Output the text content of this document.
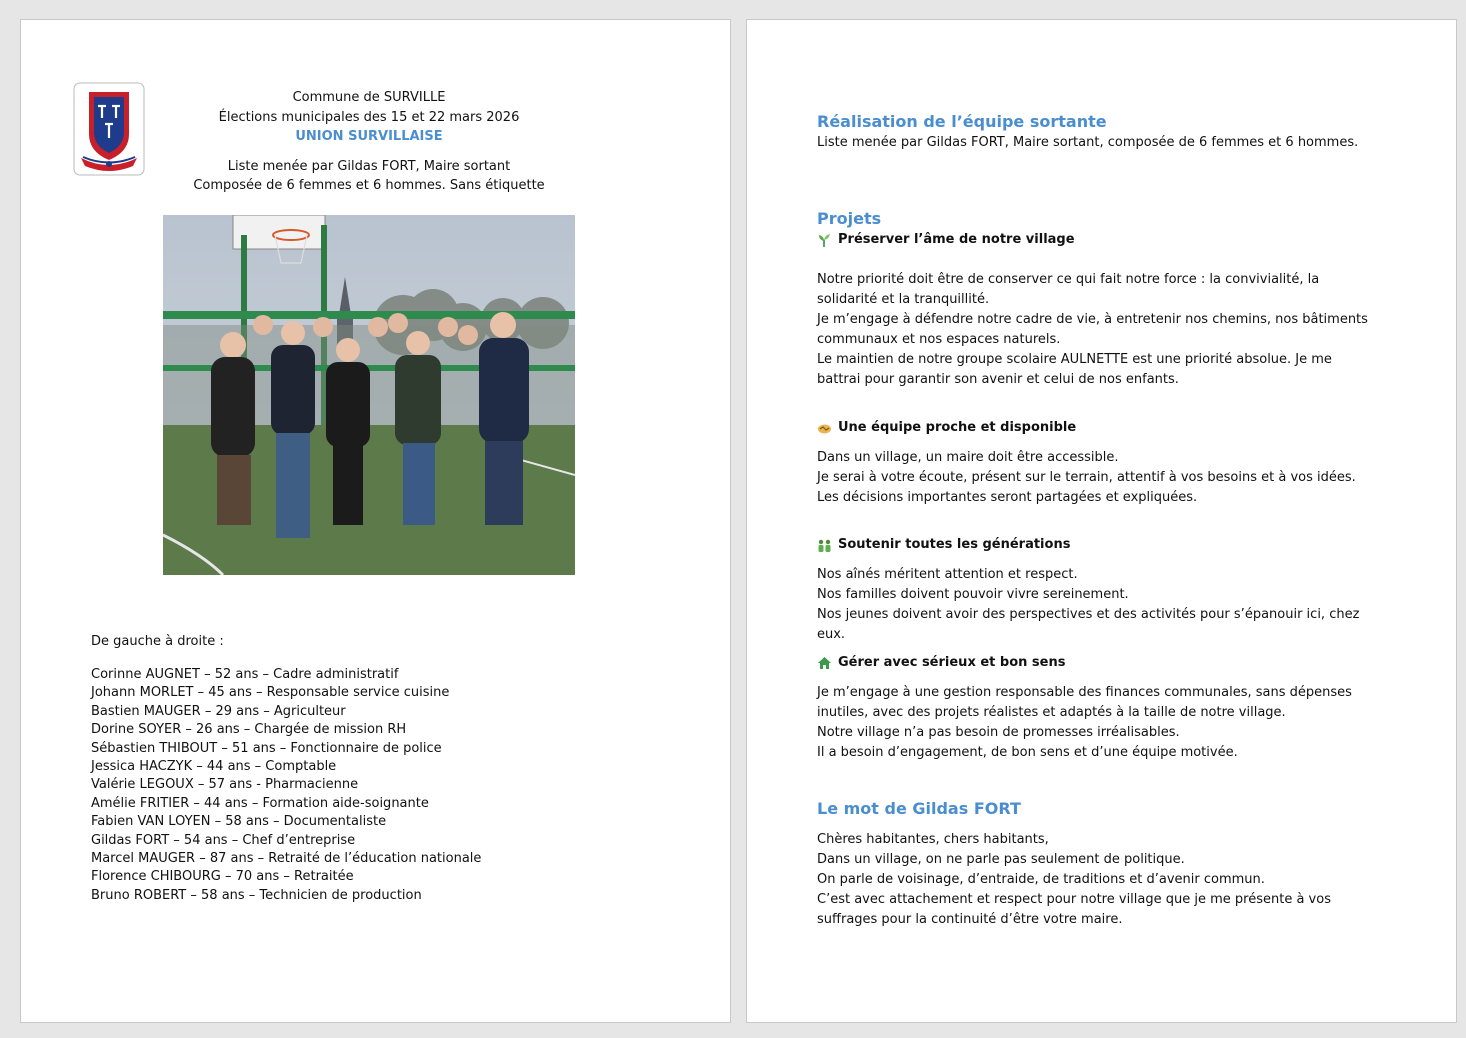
Commune de SURVILLE
Élections municipales des 15 et 22 mars 2026
UNION SURVILLAISE
Liste menée par Gildas FORT, Maire sortant
Composée de 6 femmes et 6 hommes. Sans étiquette
De gauche à droite :
Corinne AUGNET – 52 ans – Cadre administratif
Johann MORLET – 45 ans – Responsable service cuisine
Bastien MAUGER – 29 ans – Agriculteur
Dorine SOYER – 26 ans – Chargée de mission RH
Sébastien THIBOUT – 51 ans – Fonctionnaire de police
Jessica HACZYK – 44 ans – Comptable
Valérie LEGOUX – 57 ans - Pharmacienne
Amélie FRITIER – 44 ans – Formation aide-soignante
Fabien VAN LOYEN – 58 ans – Documentaliste
Gildas FORT – 54 ans – Chef d’entreprise
Marcel MAUGER – 87 ans – Retraité de l’éducation nationale
Florence CHIBOURG – 70 ans – Retraitée
Bruno ROBERT – 58 ans – Technicien de production
Réalisation de l’équipe sortante

Liste menée par Gildas FORT, Maire sortant, composée de 6 femmes et 6 hommes.

Projets
Préserver l’âme de notre village

Notre priorité doit être de conserver ce qui fait notre force : la convivialité, la solidarité et la tranquillité.

Je m’engage à défendre notre cadre de vie, à entretenir nos chemins, nos bâtiments communaux et nos espaces naturels.

Le maintien de notre groupe scolaire AULNETTE est une priorité absolue. Je me battrai pour garantir son avenir et celui de nos enfants.

Une équipe proche et disponible

Dans un village, un maire doit être accessible.

Je serai à votre écoute, présent sur le terrain, attentif à vos besoins et à vos idées. Les décisions importantes seront partagées et expliquées.

Soutenir toutes les générations

Nos aînés méritent attention et respect.

Nos familles doivent pouvoir vivre sereinement.

Nos jeunes doivent avoir des perspectives et des activités pour s’épanouir ici, chez eux.

Gérer avec sérieux et bon sens

Je m’engage à une gestion responsable des finances communales, sans dépenses inutiles, avec des projets réalistes et adaptés à la taille de notre village.

Notre village n’a pas besoin de promesses irréalisables.

Il a besoin d’engagement, de bon sens et d’une équipe motivée.

Le mot de Gildas FORT

Chères habitantes, chers habitants,

Dans un village, on ne parle pas seulement de politique.

On parle de voisinage, d’entraide, de traditions et d’avenir commun.

C’est avec attachement et respect pour notre village que je me présente à vos suffrages pour la continuité d’être votre maire.
